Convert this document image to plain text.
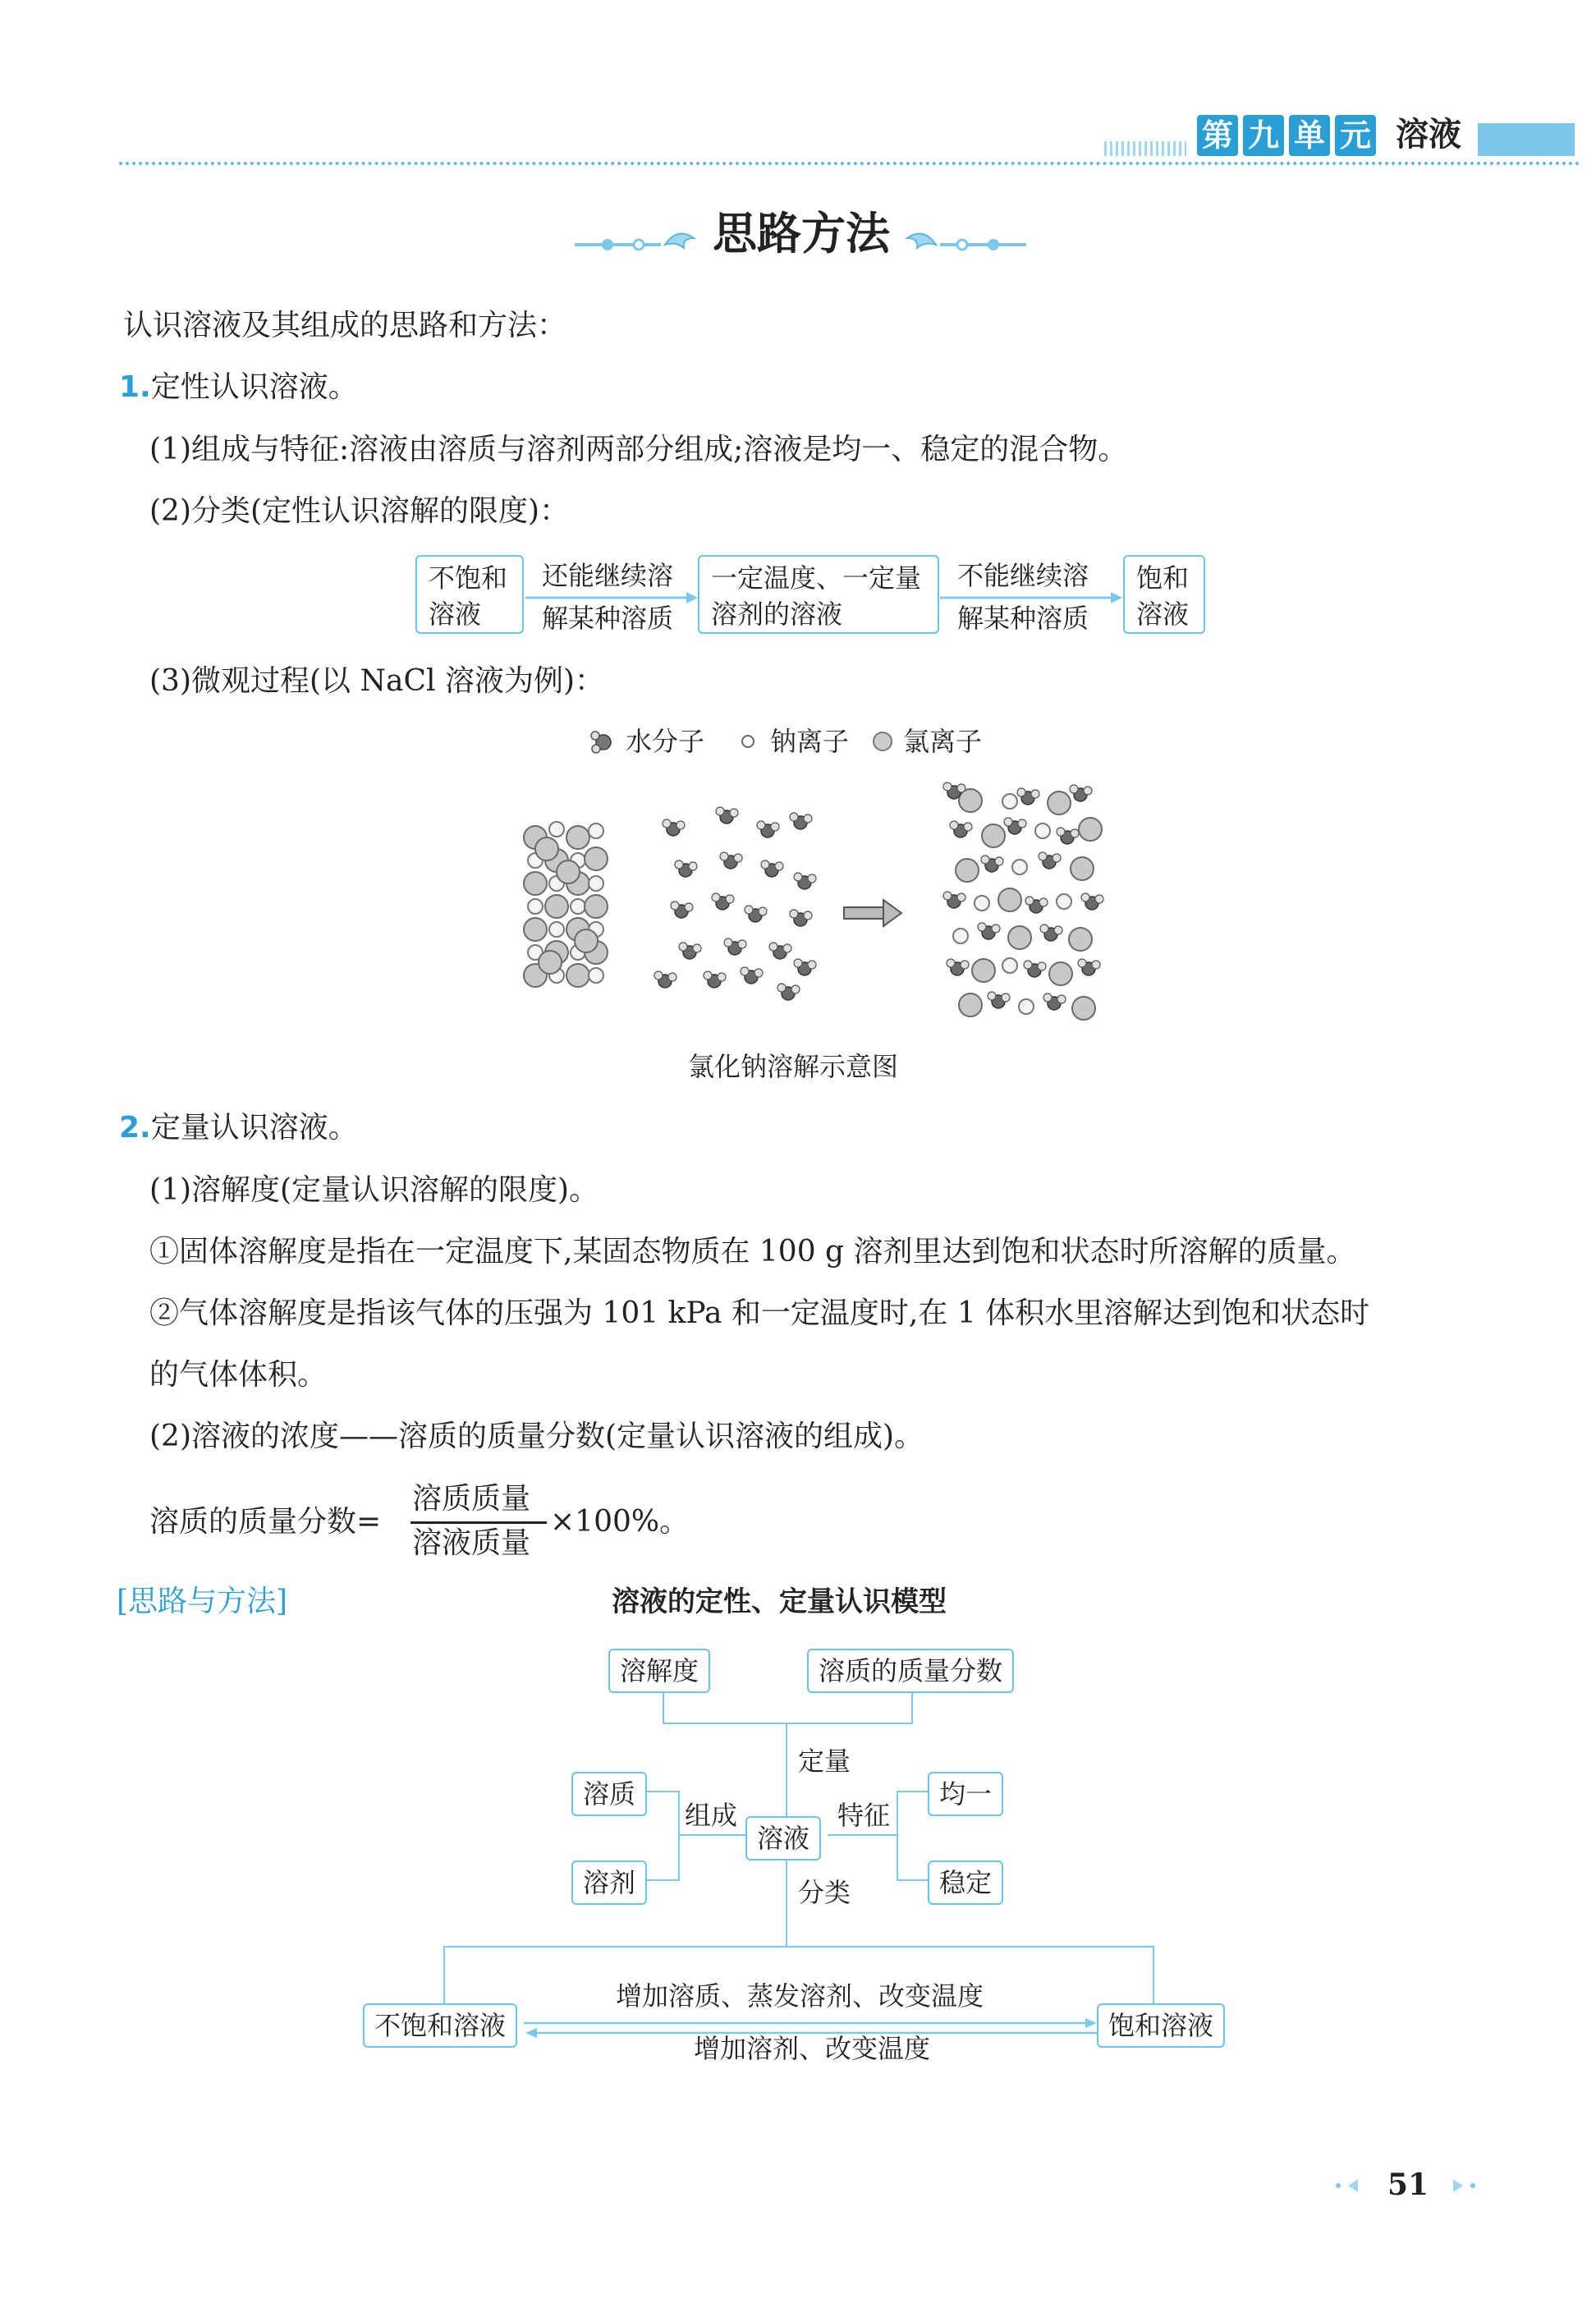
第 九 单 元 溶液
思路方法
认识溶液及其组成的思路和方法：
1.定性认识溶液。
(1)组成与特征:溶液由溶质与溶剂两部分组成;溶液是均一、稳定的混合物。
(2)分类(定性认识溶解的限度)：
不饱和
溶液
还能继续溶
解某种溶质
一定温度、一定量
溶剂的溶液
不能继续溶
解某种溶质
饱和
溶液
(3)微观过程(以 NaCl 溶液为例)：
水分子 钠离子 氯离子
氯化钠溶解示意图
2.定量认识溶液。
(1)溶解度(定量认识溶解的限度)。
①固体溶解度是指在一定温度下,某固态物质在 100 g 溶剂里达到饱和状态时所溶解的质量。
②气体溶解度是指该气体的压强为 101 kPa 和一定温度时,在 1 体积水里溶解达到饱和状态时
的气体体积。
(2)溶液的浓度——溶质的质量分数(定量认识溶液的组成)。
溶质的质量分数=
溶质质量
溶液质量
×100%。
[思路与方法]	溶液的定性、定量认识模型
溶解度	溶质的质量分数
定量
溶质
溶剂
组成
溶液
特征
均一
稳定
分类
不饱和溶液	饱和溶液
增加溶质、蒸发溶剂、改变温度
增加溶剂、改变温度
51
